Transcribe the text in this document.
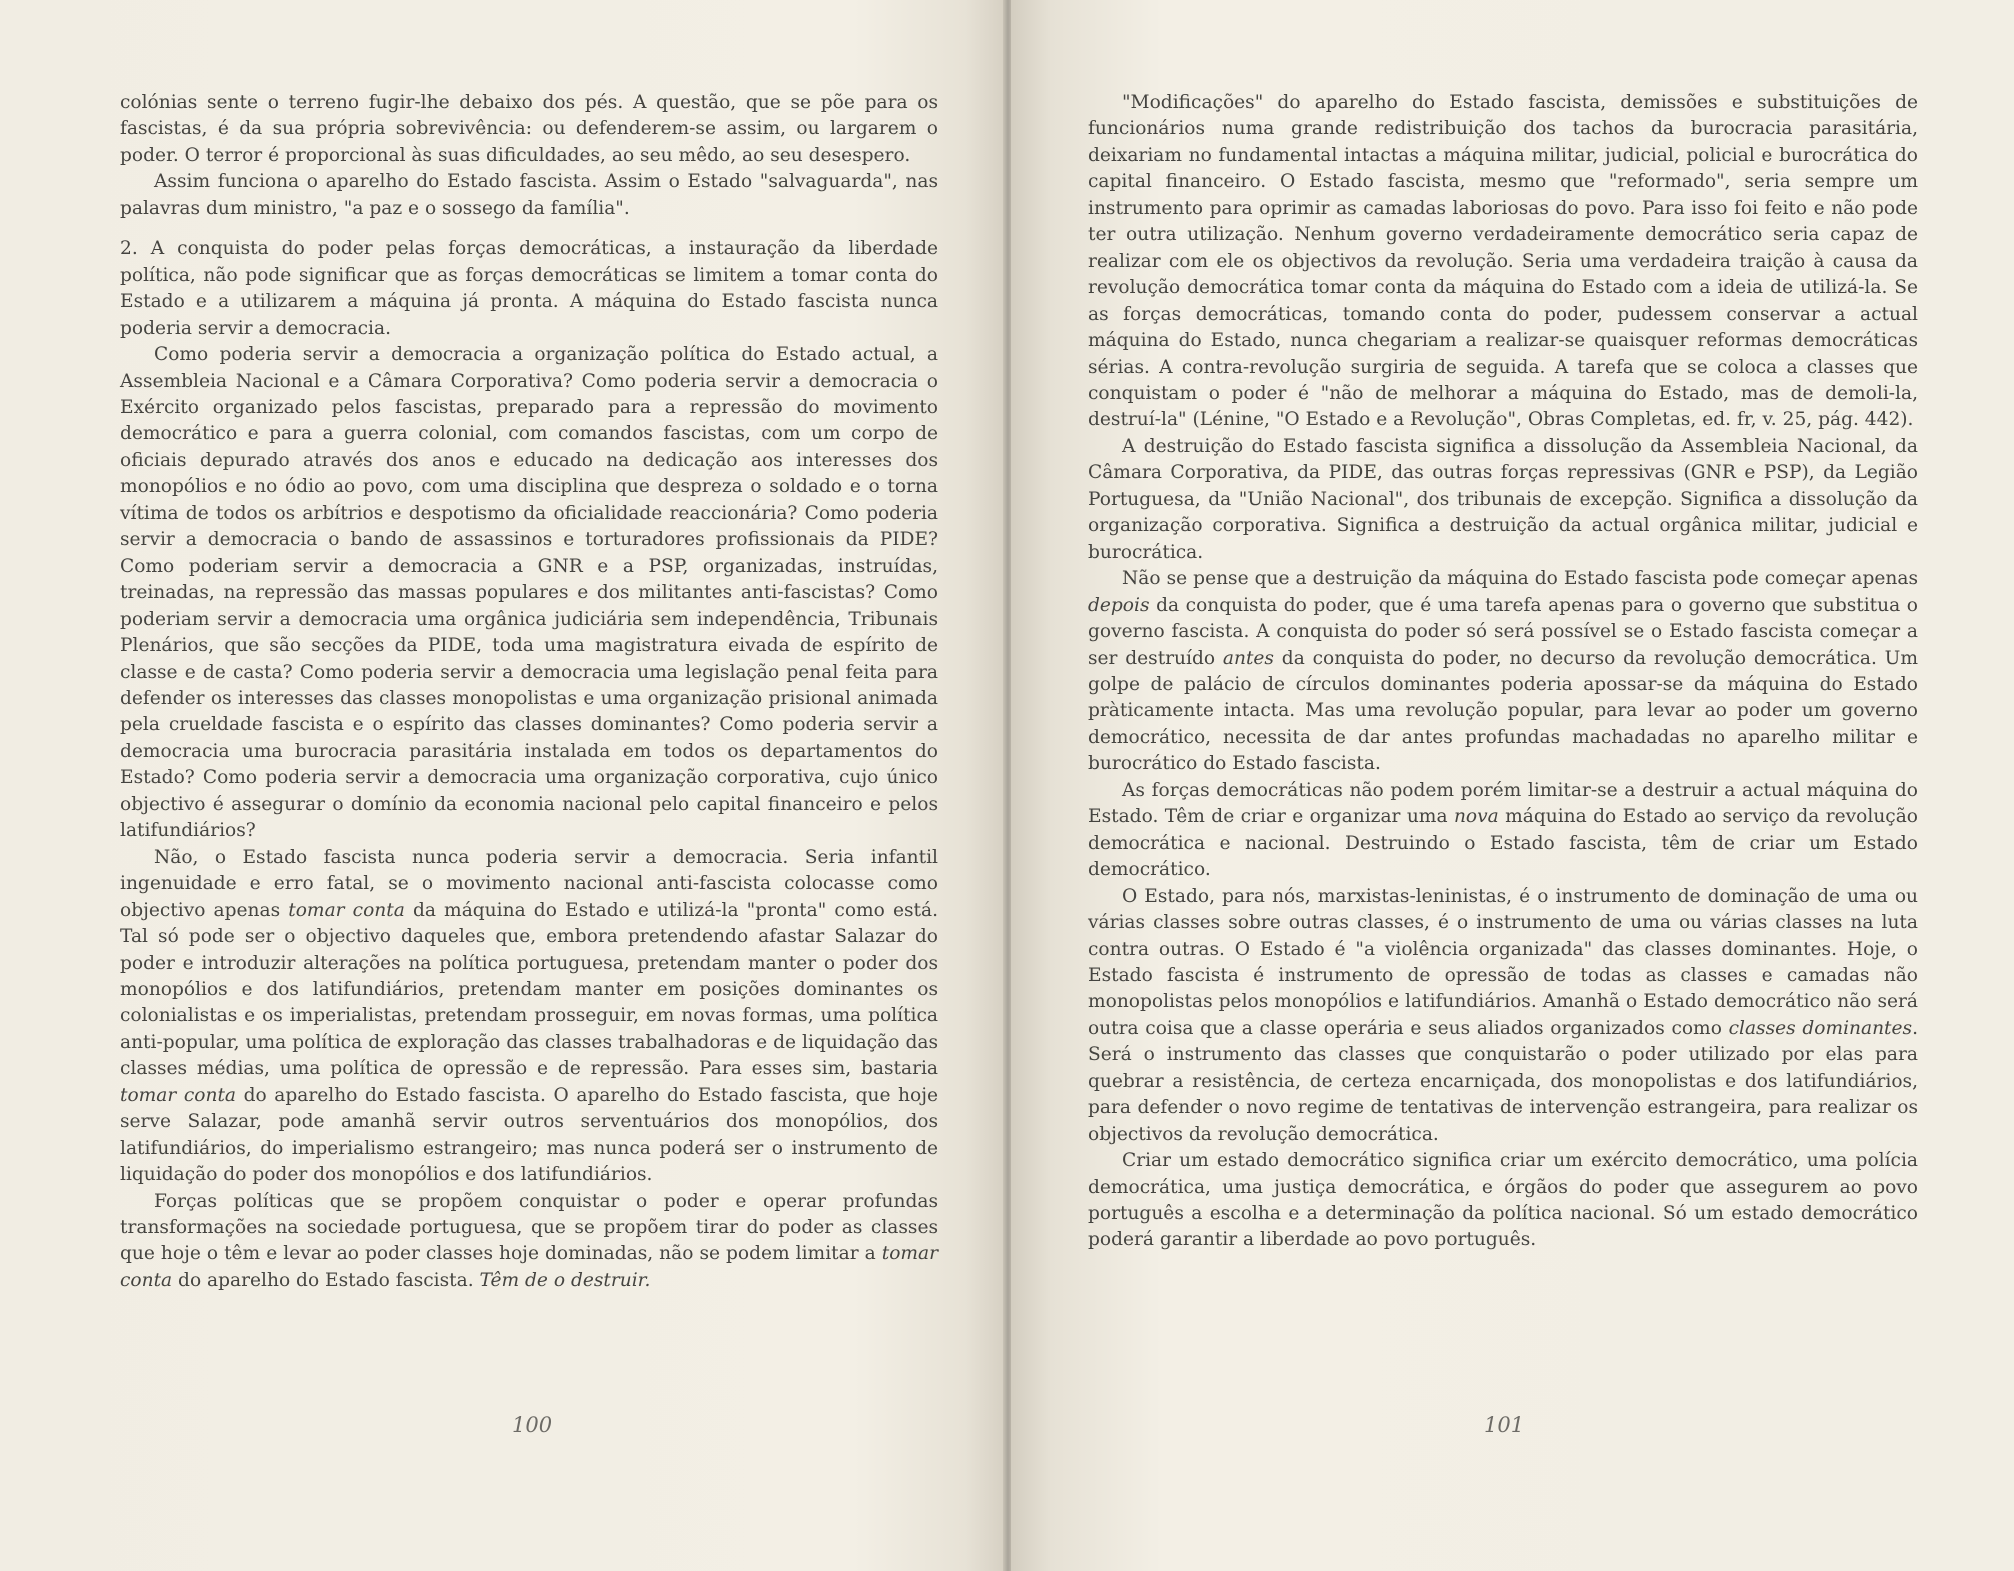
colónias sente o terreno fugir-lhe debaixo dos pés. A questão, que se põe para os fascistas, é da sua própria sobrevivência: ou defenderem-se assim, ou largarem o poder. O terror é proporcional às suas dificuldades, ao seu mêdo, ao seu desespero.

Assim funciona o aparelho do Estado fascista. Assim o Estado "salvaguarda", nas palavras dum ministro, "a paz e o sossego da família".

2. A conquista do poder pelas forças democráticas, a instauração da liberdade política, não pode significar que as forças democráticas se limitem a tomar conta do Estado e a utilizarem a máquina já pronta. A máquina do Estado fascista nunca poderia servir a democracia.

Como poderia servir a democracia a organização política do Estado actual, a Assembleia Nacional e a Câmara Corporativa? Como poderia servir a democracia o Exército organizado pelos fascistas, preparado para a repressão do movimento democrático e para a guerra colonial, com comandos fascistas, com um corpo de oficiais depurado através dos anos e educado na dedicação aos interesses dos monopólios e no ódio ao povo, com uma disciplina que despreza o soldado e o torna vítima de todos os arbítrios e despotismo da oficialidade reaccionária? Como poderia servir a democracia o bando de assassinos e torturadores profissionais da PIDE? Como poderiam servir a democracia a GNR e a PSP, organizadas, instruídas, treinadas, na repressão das massas populares e dos militantes anti-fascistas? Como poderiam servir a democracia uma orgânica judiciária sem independência, Tribunais Plenários, que são secções da PIDE, toda uma magistratura eivada de espírito de classe e de casta? Como poderia servir a democracia uma legislação penal feita para defender os interesses das classes monopolistas e uma organização prisional animada pela crueldade fascista e o espírito das classes dominantes? Como poderia servir a democracia uma burocracia parasitária instalada em todos os departamentos do Estado? Como poderia servir a democracia uma organização corporativa, cujo único objectivo é assegurar o domínio da economia nacional pelo capital financeiro e pelos latifundiários?

Não, o Estado fascista nunca poderia servir a democracia. Seria infantil ingenuidade e erro fatal, se o movimento nacional anti-fascista colocasse como objectivo apenas tomar conta da máquina do Estado e utilizá-la "pronta" como está. Tal só pode ser o objectivo daqueles que, embora pretendendo afastar Salazar do poder e introduzir alterações na política portuguesa, pretendam manter o poder dos monopólios e dos latifundiários, pretendam manter em posições dominantes os colonialistas e os imperialistas, pretendam prosseguir, em novas formas, uma política anti-popular, uma política de exploração das classes trabalhadoras e de liquidação das classes médias, uma política de opressão e de repressão. Para esses sim, bastaria tomar conta do aparelho do Estado fascista. O aparelho do Estado fascista, que hoje serve Salazar, pode amanhã servir outros serventuários dos monopólios, dos latifundiários, do imperialismo estrangeiro; mas nunca poderá ser o instrumento de liquidação do poder dos monopólios e dos latifundiários.

Forças políticas que se propõem conquistar o poder e operar profundas transformações na sociedade portuguesa, que se propõem tirar do poder as classes que hoje o têm e levar ao poder classes hoje dominadas, não se podem limitar a tomar conta do aparelho do Estado fascista. Têm de o destruir.

100

"Modificações" do aparelho do Estado fascista, demissões e substituições de funcionários numa grande redistribuição dos tachos da burocracia parasitária, deixariam no fundamental intactas a máquina militar, judicial, policial e burocrática do capital financeiro. O Estado fascista, mesmo que "reformado", seria sempre um instrumento para oprimir as camadas laboriosas do povo. Para isso foi feito e não pode ter outra utilização. Nenhum governo verdadeiramente democrático seria capaz de realizar com ele os objectivos da revolução. Seria uma verdadeira traição à causa da revolução democrática tomar conta da máquina do Estado com a ideia de utilizá-la. Se as forças democráticas, tomando conta do poder, pudessem conservar a actual máquina do Estado, nunca chegariam a realizar-se quaisquer reformas democráticas sérias. A contra-revolução surgiria de seguida. A tarefa que se coloca a classes que conquistam o poder é "não de melhorar a máquina do Estado, mas de demoli-la, destruí-la" (Lénine, "O Estado e a Revolução", Obras Completas, ed. fr, v. 25, pág. 442).

A destruição do Estado fascista significa a dissolução da Assembleia Nacional, da Câmara Corporativa, da PIDE, das outras forças repressivas (GNR e PSP), da Legião Portuguesa, da "União Nacional", dos tribunais de excepção. Significa a dissolução da organização corporativa. Significa a destruição da actual orgânica militar, judicial e burocrática.

Não se pense que a destruição da máquina do Estado fascista pode começar apenas depois da conquista do poder, que é uma tarefa apenas para o governo que substitua o governo fascista. A conquista do poder só será possível se o Estado fascista começar a ser destruído antes da conquista do poder, no decurso da revolução democrática. Um golpe de palácio de círculos dominantes poderia apossar-se da máquina do Estado pràticamente intacta. Mas uma revolução popular, para levar ao poder um governo democrático, necessita de dar antes profundas machadadas no aparelho militar e burocrático do Estado fascista.

As forças democráticas não podem porém limitar-se a destruir a actual máquina do Estado. Têm de criar e organizar uma nova máquina do Estado ao serviço da revolução democrática e nacional. Destruindo o Estado fascista, têm de criar um Estado democrático.

O Estado, para nós, marxistas-leninistas, é o instrumento de dominação de uma ou várias classes sobre outras classes, é o instrumento de uma ou várias classes na luta contra outras. O Estado é "a violência organizada" das classes dominantes. Hoje, o Estado fascista é instrumento de opressão de todas as classes e camadas não monopolistas pelos monopólios e latifundiários. Amanhã o Estado democrático não será outra coisa que a classe operária e seus aliados organizados como classes dominantes. Será o instrumento das classes que conquistarão o poder utilizado por elas para quebrar a resistência, de certeza encarniçada, dos monopolistas e dos latifundiários, para defender o novo regime de tentativas de intervenção estrangeira, para realizar os objectivos da revolução democrática.

Criar um estado democrático significa criar um exército democrático, uma polícia democrática, uma justiça democrática, e órgãos do poder que assegurem ao povo português a escolha e a determinação da política nacional. Só um estado democrático poderá garantir a liberdade ao povo português.

101
